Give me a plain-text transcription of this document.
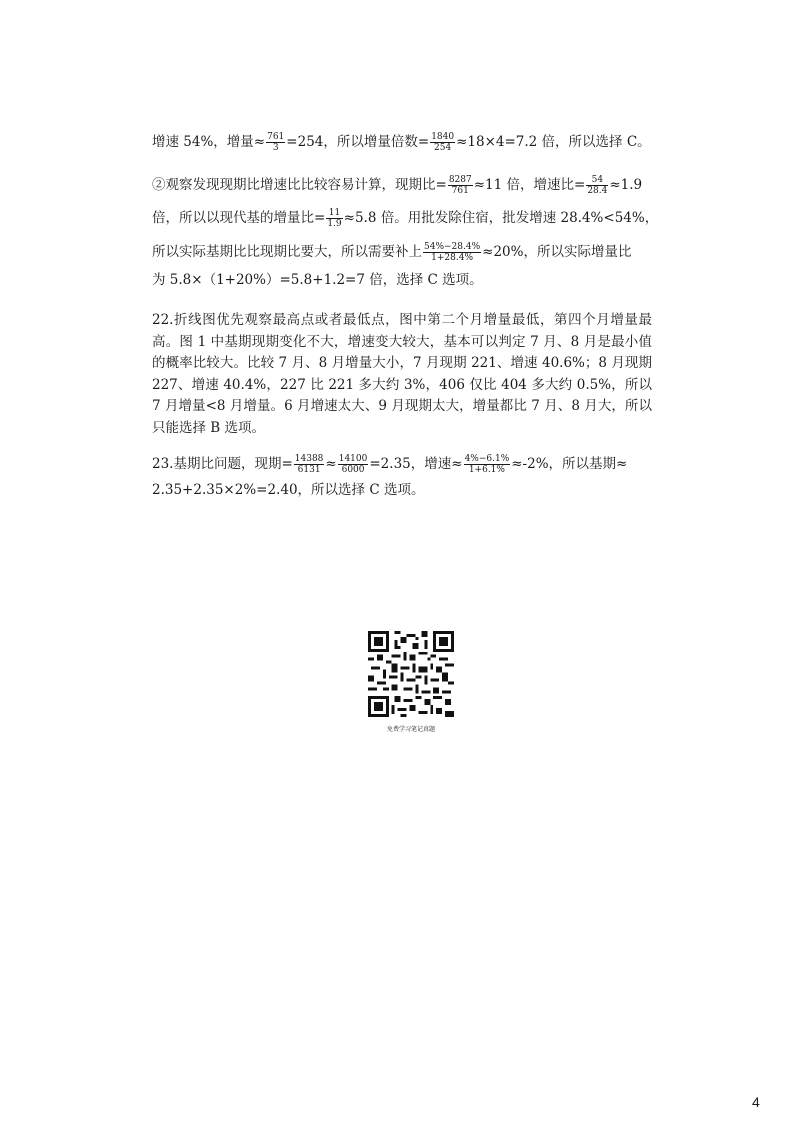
增速 54%，增量≈ $\frac{761}{3} =254$，所以增量倍数= $\frac{1840}{254} \approx 18\times 4=7.2$ 倍，所以选择 C。
②观察发现现期比增速比比较容易计算，现期比= $\frac{8287}{761} \approx 11$ 倍，增速比= $\frac{54}{28.4} \approx 1.9$
倍，所以以现代基的增量比= $\frac{11}{1.9} \approx 5.8$ 倍。用批发除住宿，批发增速 28.4%<54%，
所以实际基期比比现期比要大，所以需要补上 $\frac{54\%-28.4\%}{1+28.4\%} \approx 20\%$，所以实际增量比
为 5.8×（1+20%）=5.8+1.2=7 倍，选择 C 选项。
22.折线图优先观察最高点或者最低点，图中第二个月增量最低，第四个月增量最高。图 1 中基期现期变化不大，增速变大较大，基本可以判定 7 月、8 月是最小值的概率比较大。比较 7 月、8 月增量大小，7 月现期 221、增速 40.6%；8 月现期 227、增速 40.4%，227 比 221 多大约 3%，406 仅比 404 多大约 0.5%，所以 7 月增量<8 月增量。6 月增速太大、9 月现期太大，增量都比 7 月、8 月大，所以只能选择 B 选项。
23.基期比问题，现期= $\frac{14388}{6131} \approx \frac{14100}{6000} =2.35$，增速≈ $\frac{4\%-6.1\%}{1+6.1\%} \approx-2\%$，所以基期≈
2.35+2.35×2%=2.40，所以选择 C 选项。
免费学习笔记真题
4
